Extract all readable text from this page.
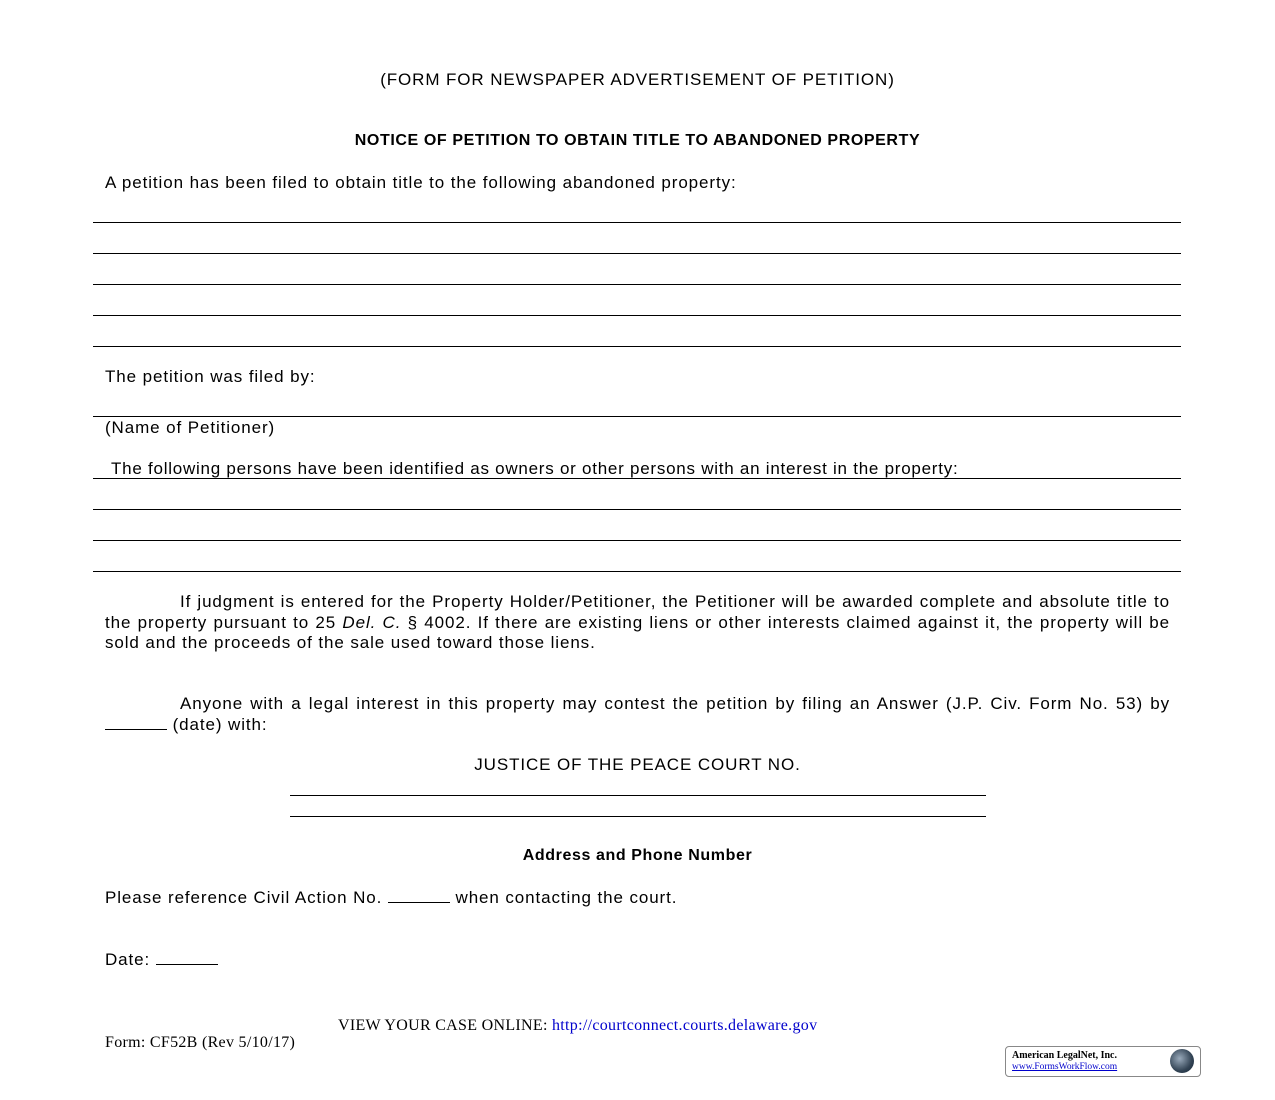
(FORM FOR NEWSPAPER ADVERTISEMENT OF PETITION)
NOTICE OF PETITION TO OBTAIN TITLE TO ABANDONED PROPERTY
A petition has been filed to obtain title to the following abandoned property:
The petition was filed by:
(Name of Petitioner)
The following persons have been identified as owners or other persons with an interest in the property:
If judgment is entered for the Property Holder/Petitioner, the Petitioner will be awarded complete and absolute title to the property pursuant to 25 Del. C. § 4002. If there are existing liens or other interests claimed against it, the property will be sold and the proceeds of the sale used toward those liens.
Anyone with a legal interest in this property may contest the petition by filing an Answer (J.P. Civ. Form No. 53) by  (date) with:
JUSTICE OF THE PEACE COURT NO.
Address and Phone Number
Please reference Civil Action No.	when contacting the court.
Date:
VIEW YOUR CASE ONLINE: http://courtconnect.courts.delaware.gov
Form: CF52B (Rev 5/10/17)
American LegalNet, Inc.
www.FormsWorkFlow.com
